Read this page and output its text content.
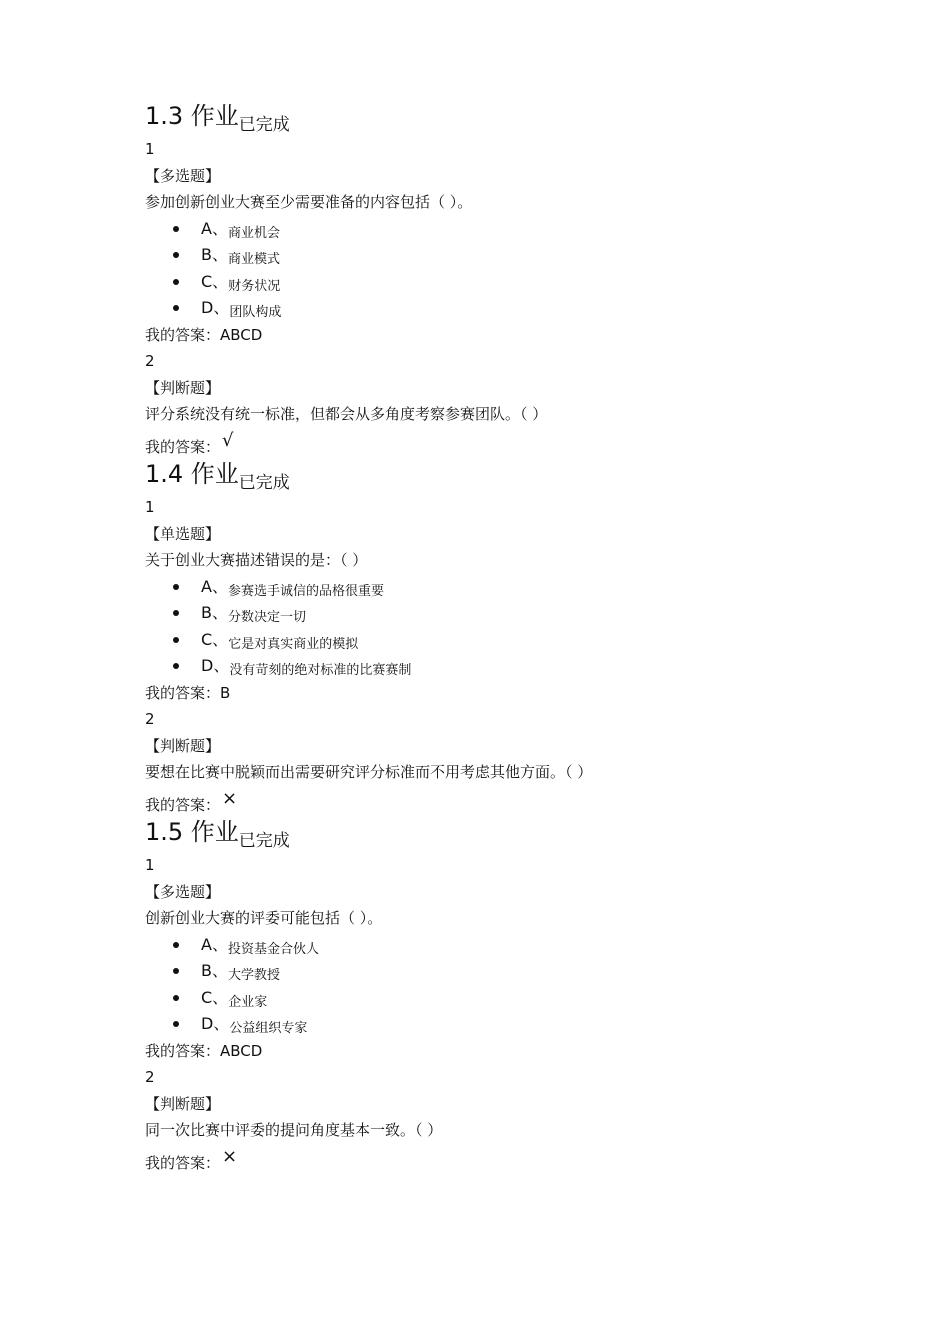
1.3 作业$_{已完成}$
1
【多选题】
参加创新创业大赛至少需要准备的内容包括（ ）。
A、商业机会
B、商业模式
C、财务状况
D、团队构成
我的答案：ABCD
2
【判断题】
评分系统没有统一标准，但都会从多角度考察参赛团队。（ ）
我的答案： √
1.4 作业$_{已完成}$
1
【单选题】
关于创业大赛描述错误的是：（ ）
A、参赛选手诚信的品格很重要
B、分数决定一切
C、它是对真实商业的模拟
D、没有苛刻的绝对标准的比赛赛制
我的答案：B
2
【判断题】
要想在比赛中脱颖而出需要研究评分标准而不用考虑其他方面。（ ）
我的答案： ×
1.5 作业$_{已完成}$
1
【多选题】
创新创业大赛的评委可能包括（ ）。
A、投资基金合伙人
B、大学教授
C、企业家
D、公益组织专家
我的答案：ABCD
2
【判断题】
同一次比赛中评委的提问角度基本一致。（ ）
我的答案： ×
